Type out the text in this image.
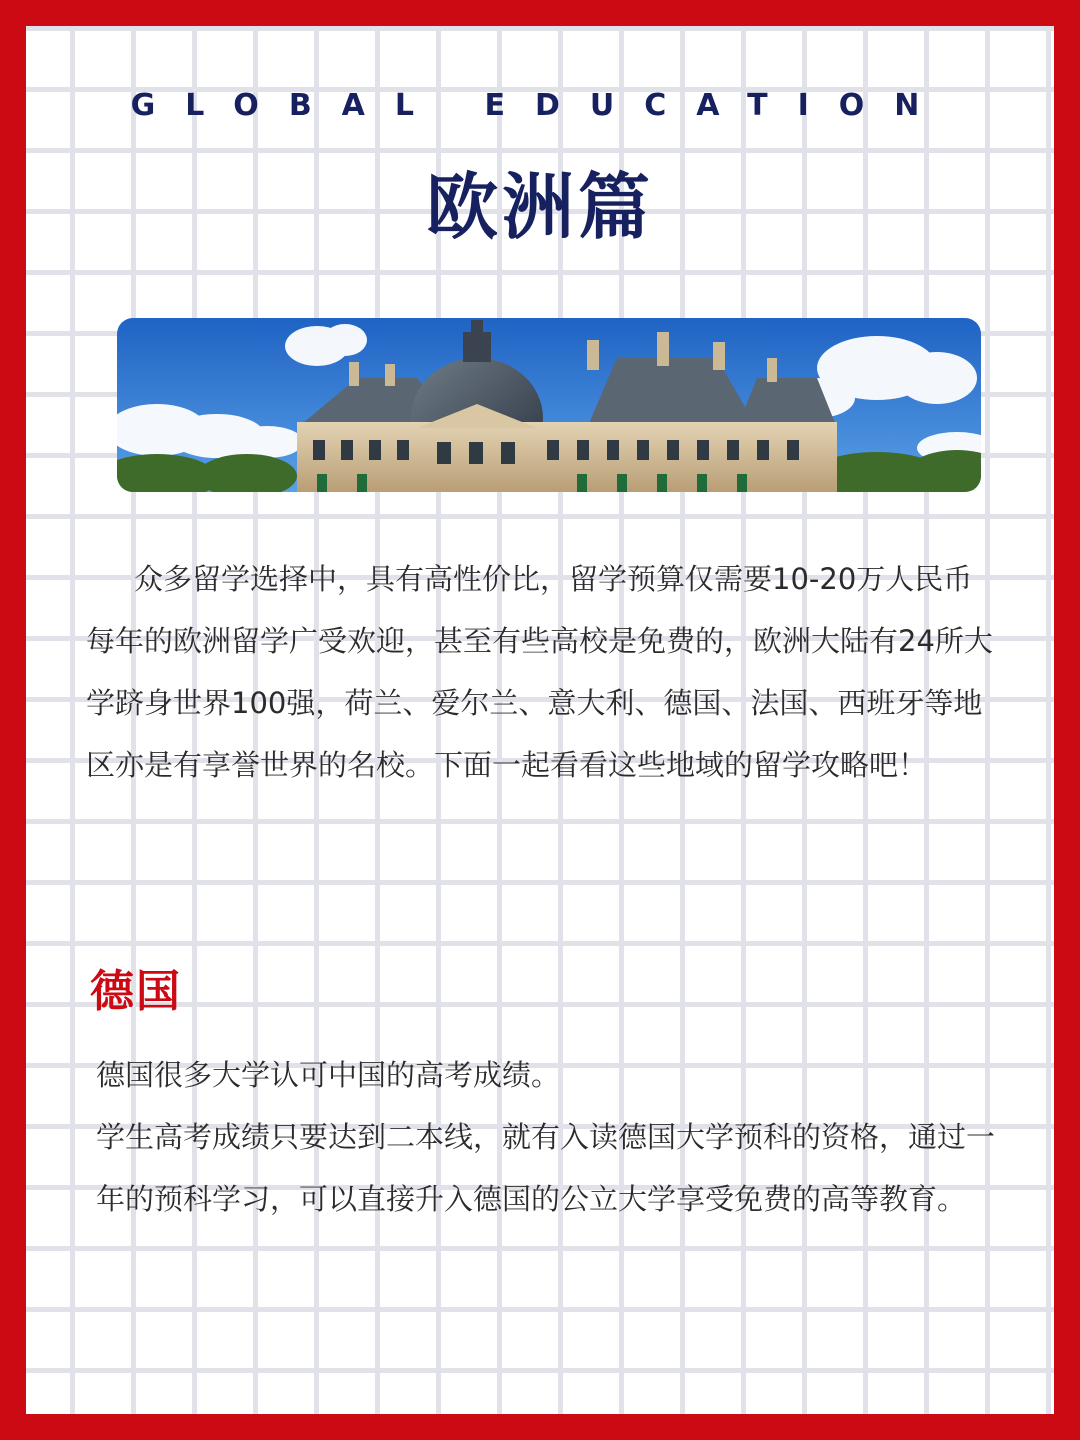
GLOBAL EDUCATION
欧洲篇

众多留学选择中，具有高性价比，留学预算仅需要10-20万人民币每年的欧洲留学广受欢迎，甚至有些高校是免费的，欧洲大陆有24所大学跻身世界100强，荷兰、爱尔兰、意大利、德国、法国、西班牙等地区亦是有享誉世界的名校。下面一起看看这些地域的留学攻略吧！

德国

德国很多大学认可中国的高考成绩。

学生高考成绩只要达到二本线，就有入读德国大学预科的资格，通过一年的预科学习，可以直接升入德国的公立大学享受免费的高等教育。
